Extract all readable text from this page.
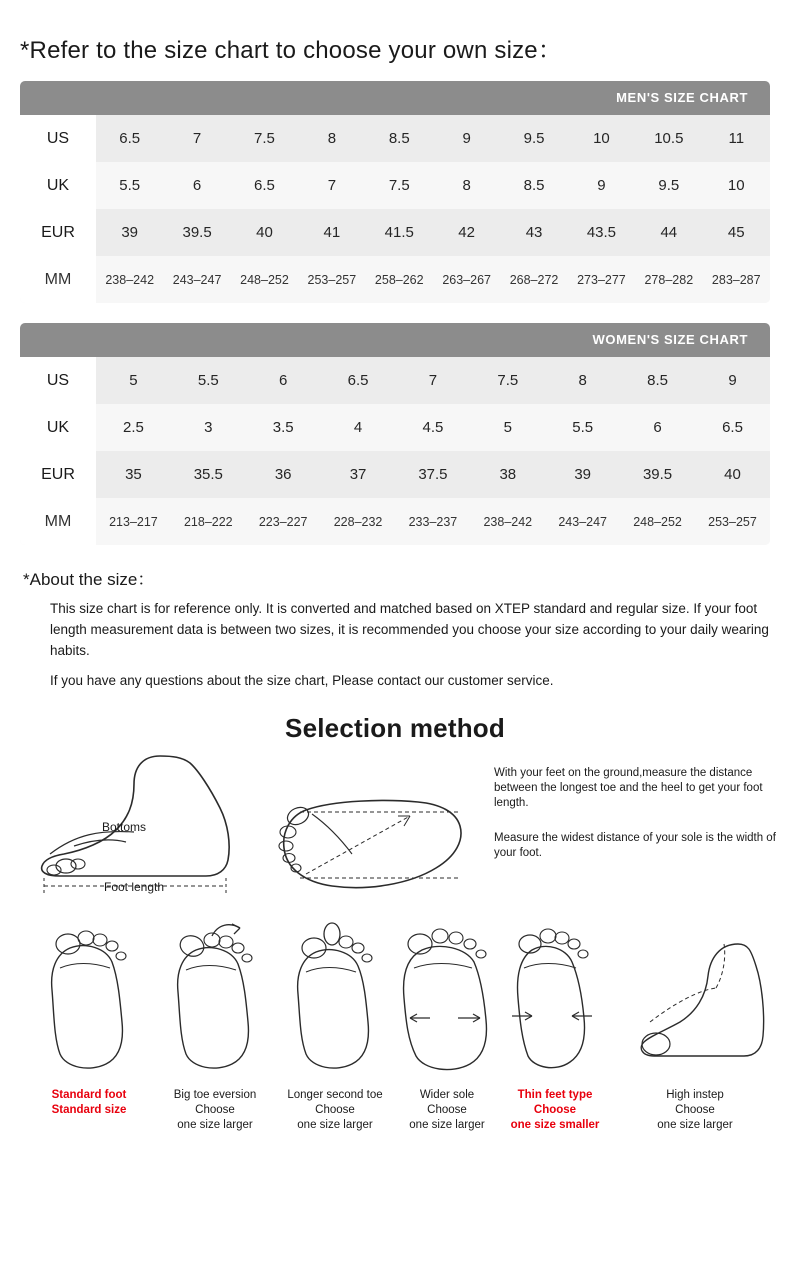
*Refer to the size chart to choose your own size：
MEN'S SIZE CHART
US	6.5	7	7.5	8	8.5	9	9.5	10	10.5	11
UK	5.5	6	6.5	7	7.5	8	8.5	9	9.5	10
EUR	39	39.5	40	41	41.5	42	43	43.5	44	45
MM	238–242	243–247	248–252	253–257	258–262	263–267	268–272	273–277	278–282	283–287
WOMEN'S SIZE CHART
US	5	5.5	6	6.5	7	7.5	8	8.5	9
UK	2.5	3	3.5	4	4.5	5	5.5	6	6.5
EUR	35	35.5	36	37	37.5	38	39	39.5	40
MM	213–217	218–222	223–227	228–232	233–237	238–242	243–247	248–252	253–257
*About the size：

This size chart is for reference only. It is converted and matched based on XTEP standard and regular size. If your foot length measurement data is between two sizes, it is recommended you choose your size according to your daily wearing habits.

If you have any questions about the size chart, Please contact our customer service.

Selection method
Bottoms
Foot length

With your feet on the ground,measure the distance between the longest toe and the heel to get your foot length.

Measure the widest distance of your sole is the width of your foot.

Standard foot
Standard size
Big toe eversion
Choose
one size larger
Longer second toe
Choose
one size larger
Wider sole
Choose
one size larger
Thin feet type
Choose
one size smaller
High instep
Choose
one size larger
